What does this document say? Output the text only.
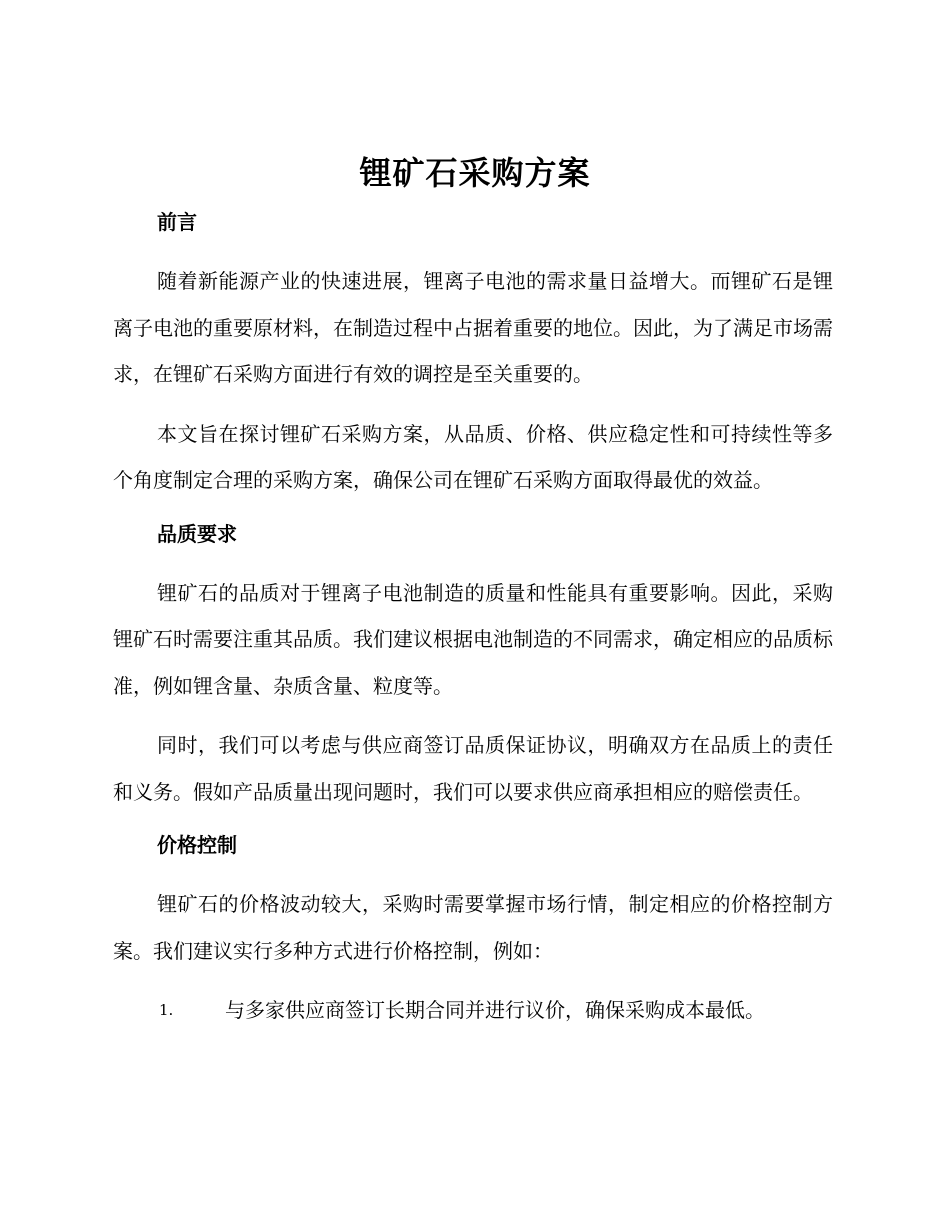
锂矿石采购方案

前言

随着新能源产业的快速进展，锂离子电池的需求量日益增大。而锂矿石是锂离子电池的重要原材料，在制造过程中占据着重要的地位。因此，为了满足市场需求，在锂矿石采购方面进行有效的调控是至关重要的。

本文旨在探讨锂矿石采购方案，从品质、价格、供应稳定性和可持续性等多个角度制定合理的采购方案，确保公司在锂矿石采购方面取得最优的效益。

品质要求

锂矿石的品质对于锂离子电池制造的质量和性能具有重要影响。因此，采购锂矿石时需要注重其品质。我们建议根据电池制造的不同需求，确定相应的品质标准，例如锂含量、杂质含量、粒度等。

同时，我们可以考虑与供应商签订品质保证协议，明确双方在品质上的责任和义务。假如产品质量出现问题时，我们可以要求供应商承担相应的赔偿责任。

价格控制

锂矿石的价格波动较大，采购时需要掌握市场行情，制定相应的价格控制方案。我们建议实行多种方式进行价格控制，例如：

1.	与多家供应商签订长期合同并进行议价，确保采购成本最低。
